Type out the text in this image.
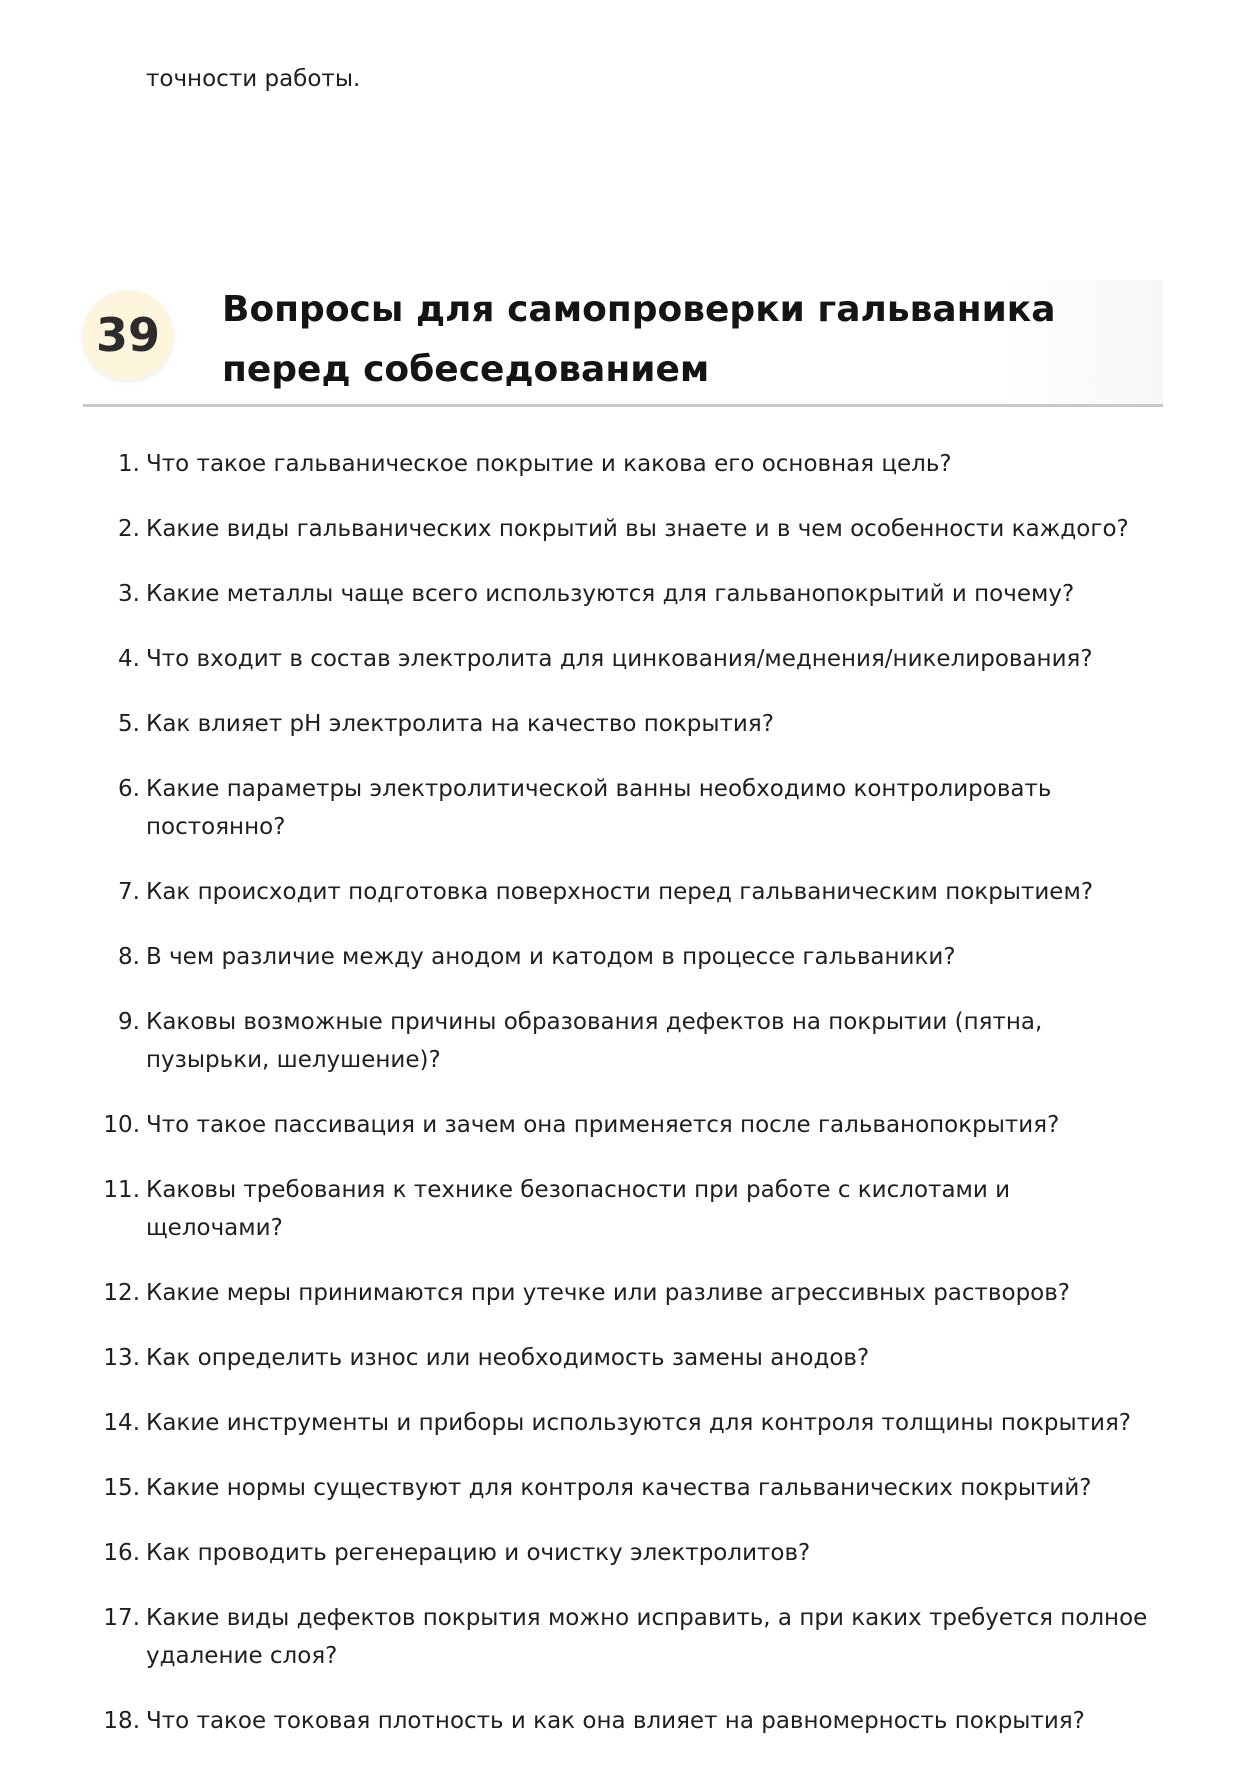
точности работы.

39	Вопросы для самопроверки гальваника перед собеседованием
1. Что такое гальваническое покрытие и какова его основная цель?
2. Какие виды гальванических покрытий вы знаете и в чем особенности каждого?
3. Какие металлы чаще всего используются для гальванопокрытий и почему?
4. Что входит в состав электролита для цинкования/меднения/никелирования?
5. Как влияет pH электролита на качество покрытия?
6. Какие параметры электролитической ванны необходимо контролировать постоянно?
7. Как происходит подготовка поверхности перед гальваническим покрытием?
8. В чем различие между анодом и катодом в процессе гальваники?
9. Каковы возможные причины образования дефектов на покрытии (пятна, пузырьки, шелушение)?
10. Что такое пассивация и зачем она применяется после гальванопокрытия?
11. Каковы требования к технике безопасности при работе с кислотами и щелочами?
12. Какие меры принимаются при утечке или разливе агрессивных растворов?
13. Как определить износ или необходимость замены анодов?
14. Какие инструменты и приборы используются для контроля толщины покрытия?
15. Какие нормы существуют для контроля качества гальванических покрытий?
16. Как проводить регенерацию и очистку электролитов?
17. Какие виды дефектов покрытия можно исправить, а при каких требуется полное удаление слоя?
18. Что такое токовая плотность и как она влияет на равномерность покрытия?
